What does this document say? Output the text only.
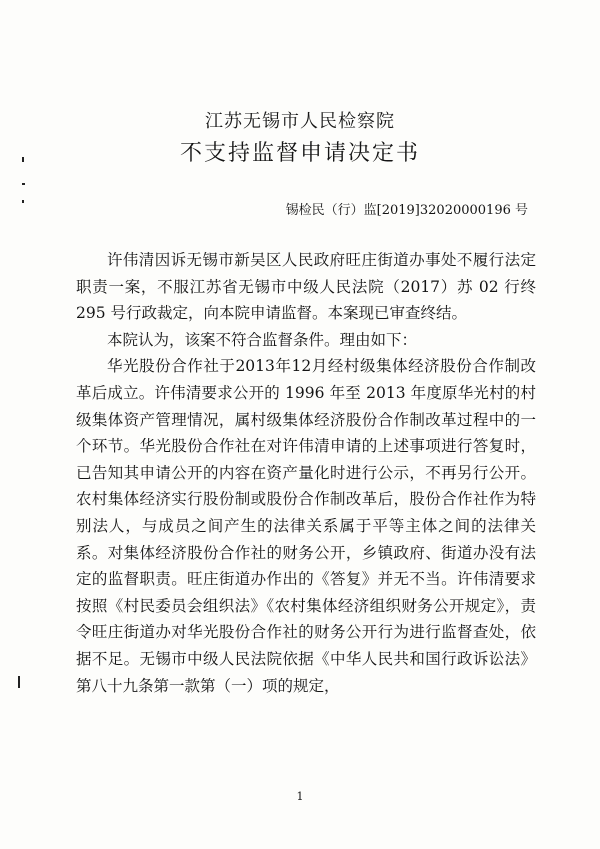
江苏无锡市人民检察院
不支持监督申请决定书
锡检民（行）监[2019]32020000196 号

许伟清因诉无锡市新吴区人民政府旺庄街道办事处不履行法定职责一案，不服江苏省无锡市中级人民法院（2017）苏 02 行终 295 号行政裁定，向本院申请监督。本案现已审查终结。

本院认为，该案不符合监督条件。理由如下：

华光股份合作社于2013年12月经村级集体经济股份合作制改革后成立。许伟清要求公开的 1996 年至 2013 年度原华光村的村级集体资产管理情况，属村级集体经济股份合作制改革过程中的一个环节。华光股份合作社在对许伟清申请的上述事项进行答复时，已告知其申请公开的内容在资产量化时进行公示，不再另行公开。农村集体经济实行股份制或股份合作制改革后，股份合作社作为特别法人，与成员之间产生的法律关系属于平等主体之间的法律关系。对集体经济股份合作社的财务公开，乡镇政府、街道办没有法定的监督职责。旺庄街道办作出的《答复》并无不当。许伟清要求按照《村民委员会组织法》《农村集体经济组织财务公开规定》，责令旺庄街道办对华光股份合作社的财务公开行为进行监督查处，依据不足。无锡市中级人民法院依据《中华人民共和国行政诉讼法》第八十九条第一款第（一）项的规定，

1
